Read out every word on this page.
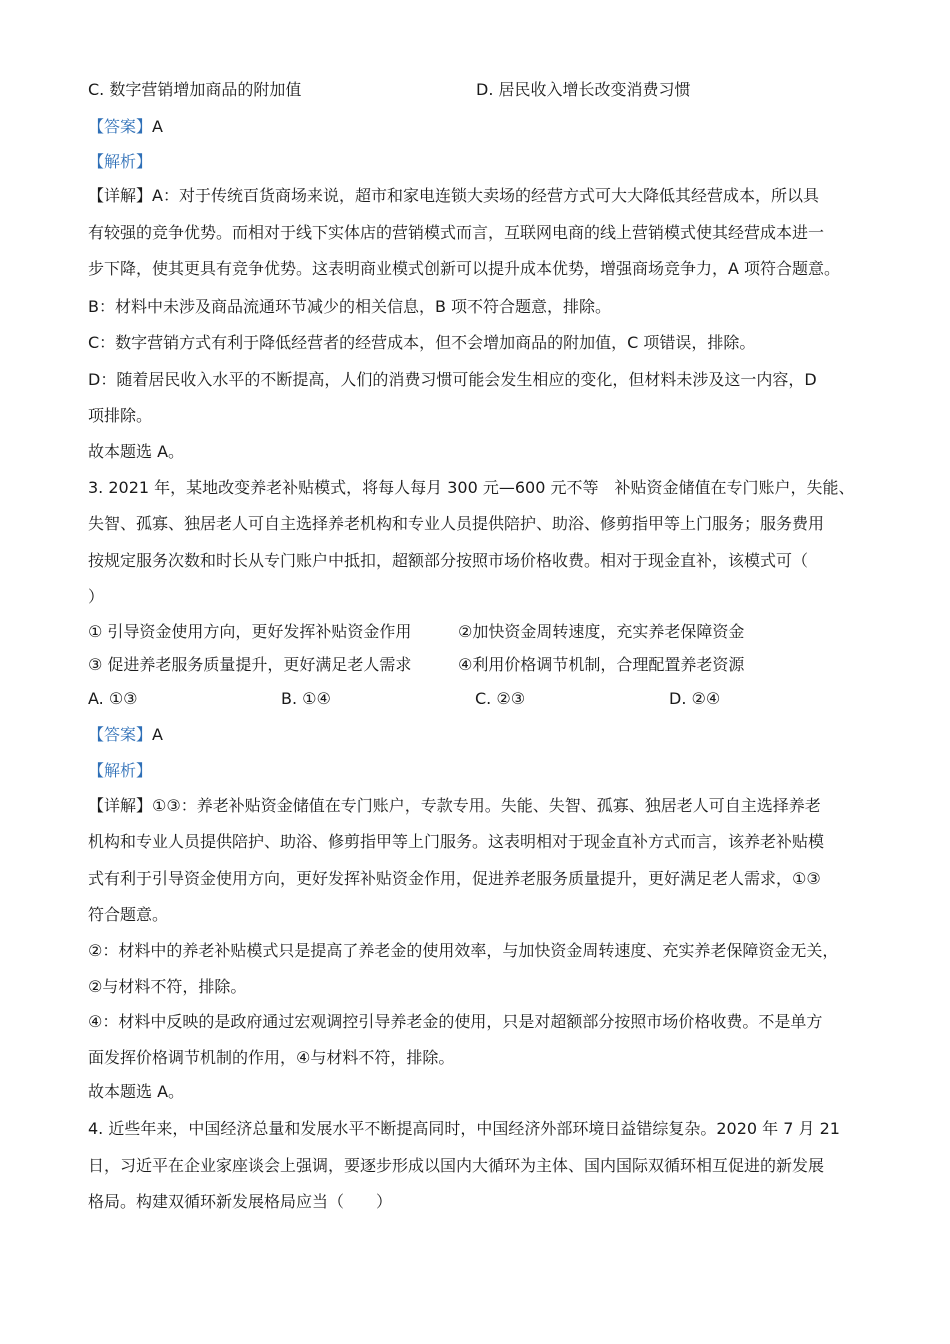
C. 数字营销增加商品的附加值	D. 居民收入增长改变消费习惯
【答案】A
【解析】
【详解】A：对于传统百货商场来说，超市和家电连锁大卖场的经营方式可大大降低其经营成本，所以具
有较强的竞争优势。而相对于线下实体店的营销模式而言，互联网电商的线上营销模式使其经营成本进一
步下降，使其更具有竞争优势。这表明商业模式创新可以提升成本优势，增强商场竞争力，A 项符合题意。
B：材料中未涉及商品流通环节减少的相关信息，B 项不符合题意，排除。
C：数字营销方式有利于降低经营者的经营成本，但不会增加商品的附加值，C 项错误，排除。
D：随着居民收入水平的不断提高，人们的消费习惯可能会发生相应的变化，但材料未涉及这一内容，D
项排除。
故本题选 A。
3. 2021 年，某地改变养老补贴模式，将每人每月 300 元—600 元不等　补贴资金储值在专门账户，失能、
失智、孤寡、独居老人可自主选择养老机构和专业人员提供陪护、助浴、修剪指甲等上门服务；服务费用
按规定服务次数和时长从专门账户中抵扣，超额部分按照市场价格收费。相对于现金直补，该模式可（
）
① 引导资金使用方向，更好发挥补贴资金作用	②加快资金周转速度，充实养老保障资金
③ 促进养老服务质量提升，更好满足老人需求	④利用价格调节机制，合理配置养老资源
A. ①③	B. ①④	C. ②③	D. ②④
【答案】A
【解析】
【详解】①③：养老补贴资金储值在专门账户，专款专用。失能、失智、孤寡、独居老人可自主选择养老
机构和专业人员提供陪护、助浴、修剪指甲等上门服务。这表明相对于现金直补方式而言，该养老补贴模
式有利于引导资金使用方向，更好发挥补贴资金作用，促进养老服务质量提升，更好满足老人需求，①③
符合题意。
②：材料中的养老补贴模式只是提高了养老金的使用效率，与加快资金周转速度、充实养老保障资金无关，
②与材料不符，排除。
④：材料中反映的是政府通过宏观调控引导养老金的使用，只是对超额部分按照市场价格收费。不是单方
面发挥价格调节机制的作用，④与材料不符，排除。
故本题选 A。
4. 近些年来，中国经济总量和发展水平不断提高同时，中国经济外部环境日益错综复杂。2020 年 7 月 21
日，习近平在企业家座谈会上强调，要逐步形成以国内大循环为主体、国内国际双循环相互促进的新发展
格局。构建双循环新发展格局应当（　　）
